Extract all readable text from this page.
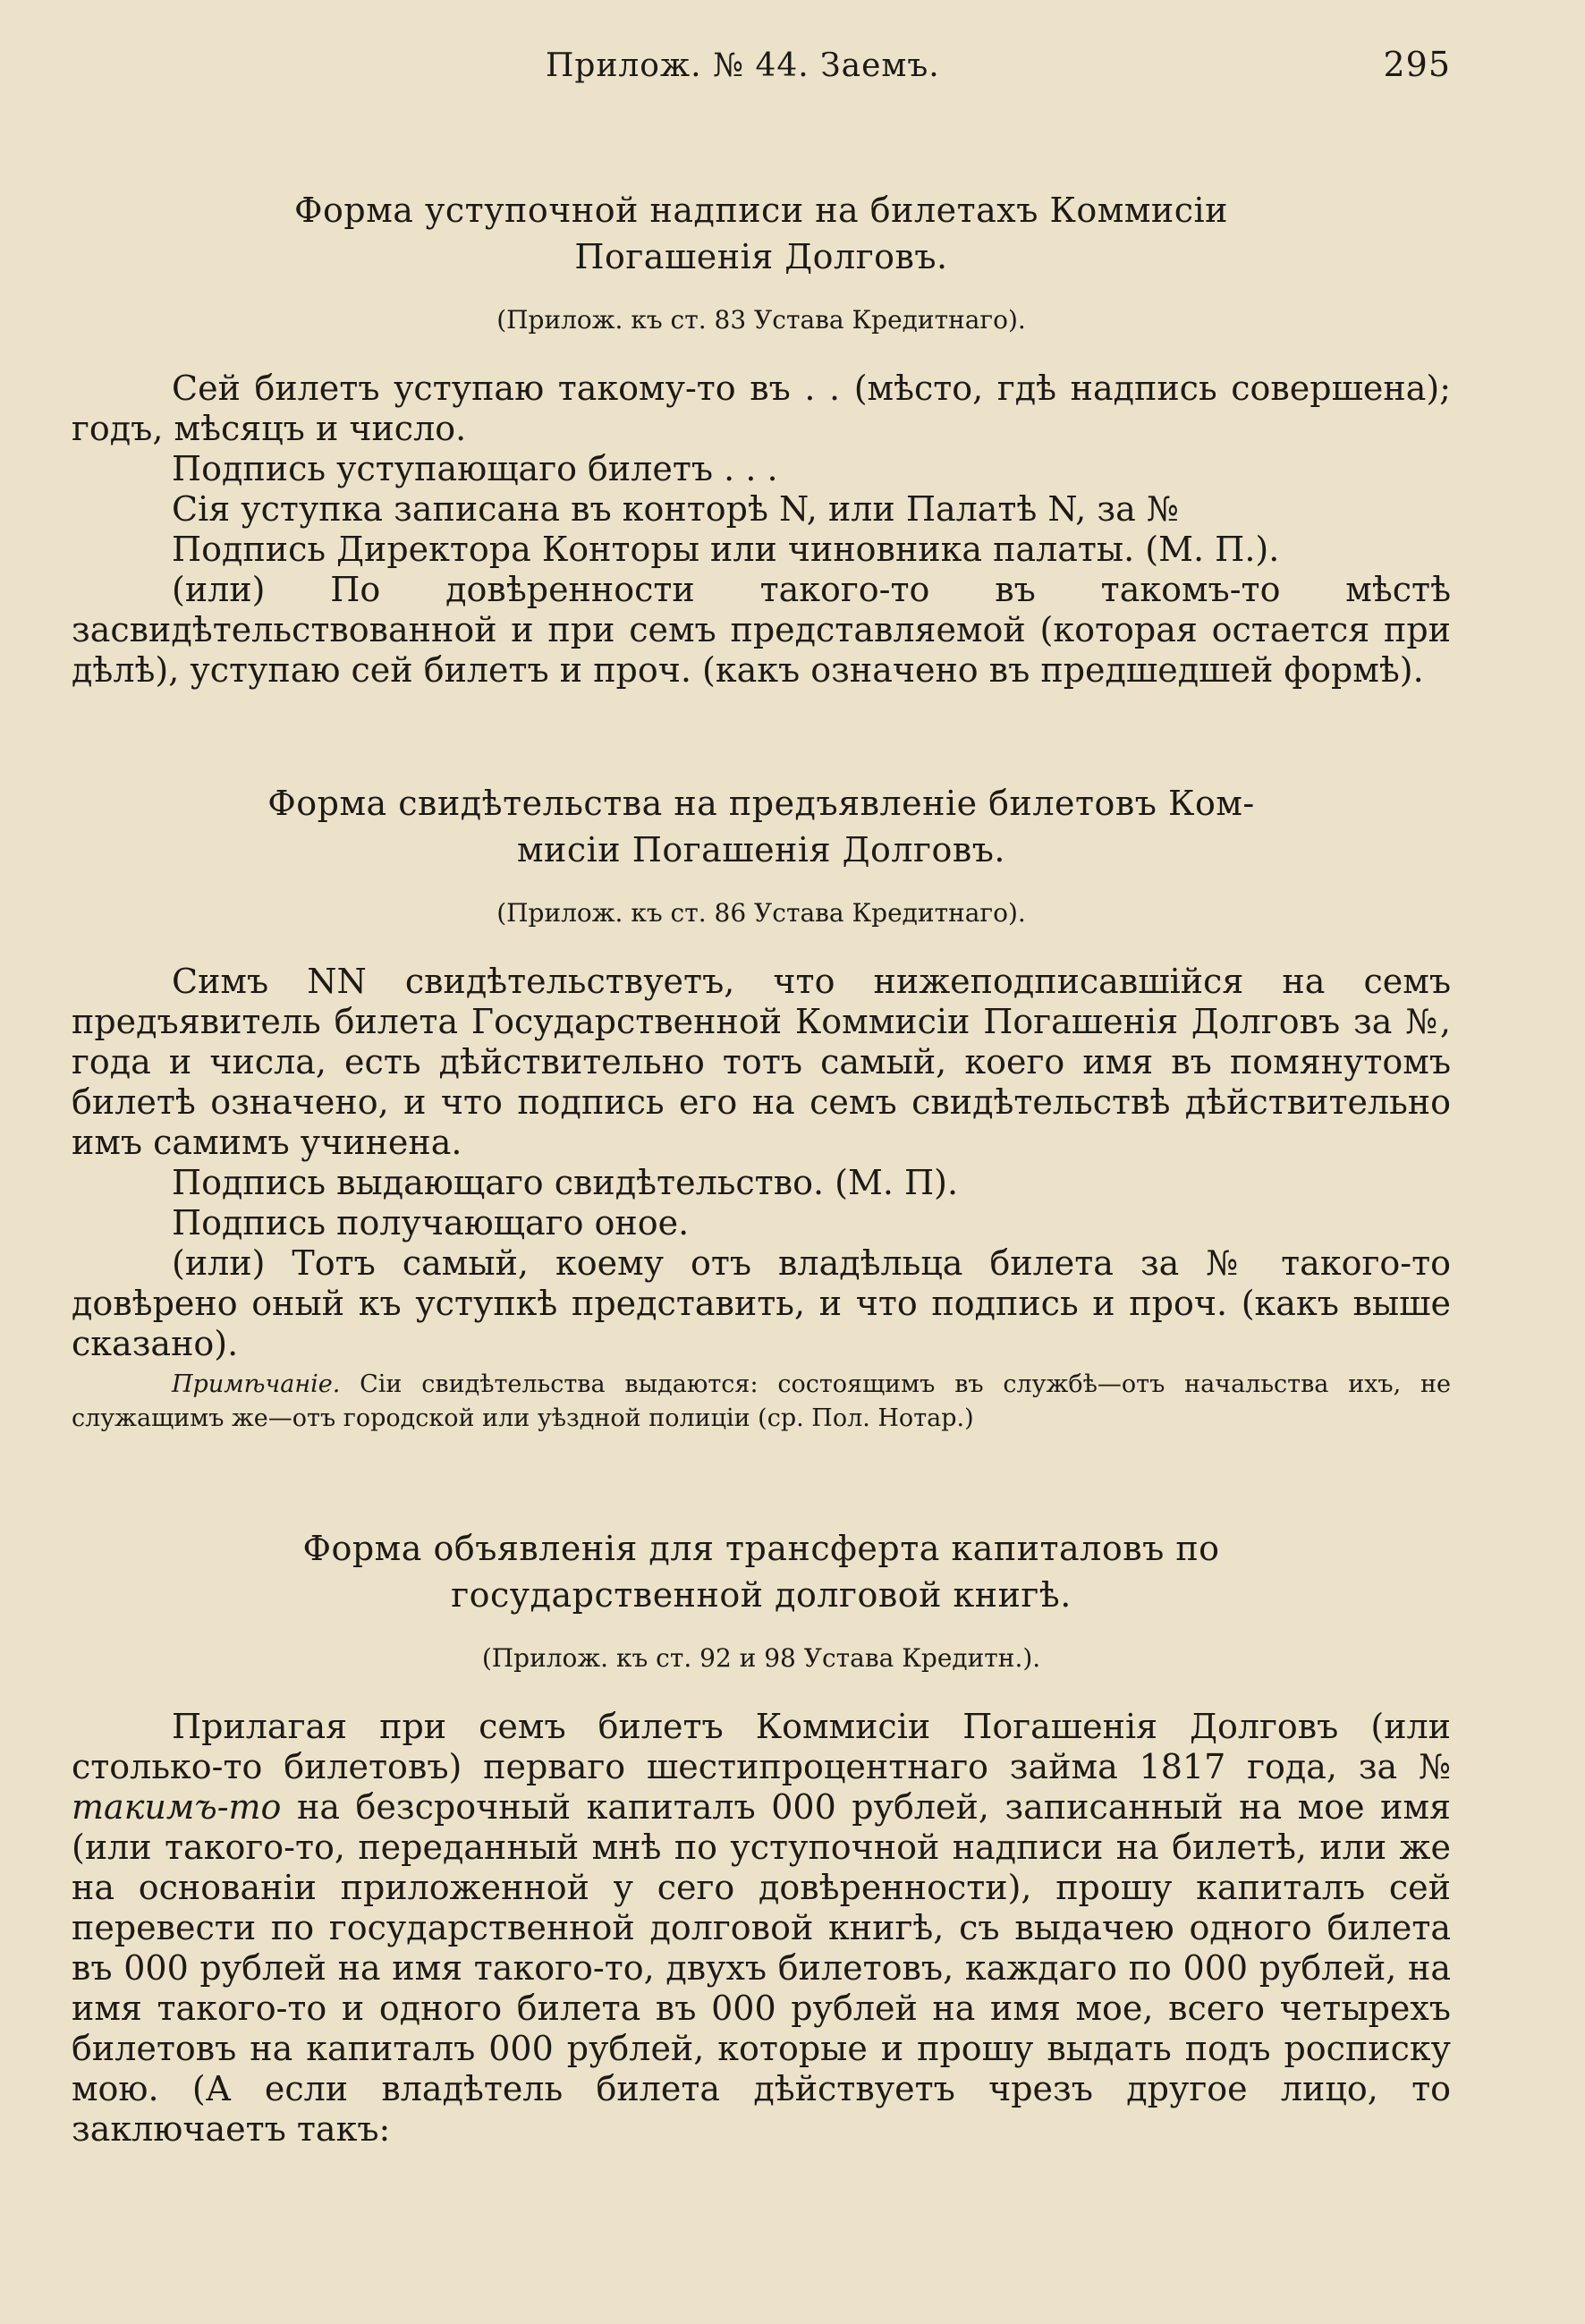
Прилож. № 44. Заемъ.	295
Форма уступочной надписи на билетахъ Коммисіи
Погашенія Долговъ.
(Прилож. къ ст. 83 Устава Кредитнаго).

Сей билетъ уступаю такому-то въ . . (мѣсто, гдѣ надпись совершена); годъ, мѣсяцъ и число.

Подпись уступающаго билетъ . . .

Сія уступка записана въ конторѣ N, или Палатѣ N, за №

Подпись Директора Конторы или чиновника палаты. (М. П.).

(или) По довѣренности такого-то въ такомъ-то мѣстѣ засвидѣтельствованной и при семъ представляемой (которая остается при дѣлѣ), уступаю сей билетъ и проч. (какъ означено въ предшедшей формѣ).

Форма свидѣтельства на предъявленіе билетовъ Ком-
мисіи Погашенія Долговъ.
(Прилож. къ ст. 86 Устава Кредитнаго).

Симъ NN свидѣтельствуетъ, что нижеподписавшійся на семъ предъявитель билета Государственной Коммисіи Погашенія Долговъ за №, года и числа, есть дѣйствительно тотъ самый, коего имя въ помянутомъ билетѣ означено, и что подпись его на семъ свидѣтельствѣ дѣйствительно имъ самимъ учинена.

Подпись выдающаго свидѣтельство. (М. П).

Подпись получающаго оное.

(или) Тотъ самый, коему отъ владѣльца билета за № такого-то довѣрено оный къ уступкѣ представить, и что подпись и проч. (какъ выше сказано).

Примѣчаніе. Сіи свидѣтельства выдаются: состоящимъ въ службѣ—отъ начальства ихъ, не служащимъ же—отъ городской или уѣздной полиціи (ср. Пол. Нотар.)

Форма объявленія для трансферта капиталовъ по
государственной долговой книгѣ.
(Прилож. къ ст. 92 и 98 Устава Кредитн.).

Прилагая при семъ билетъ Коммисіи Погашенія Долговъ (или столько-то билетовъ) перваго шестипроцентнаго займа 1817 года, за № такимъ-то на безсрочный капиталъ 000 рублей, записанный на мое имя (или такого-то, переданный мнѣ по уступочной надписи на билетѣ, или же на основаніи приложенной у сего довѣренности), прошу капиталъ сей перевести по государственной долговой книгѣ, съ выдачею одного билета въ 000 рублей на имя такого-то, двухъ билетовъ, каждаго по 000 рублей, на имя такого-то и одного билета въ 000 рублей на имя мое, всего четырехъ билетовъ на капиталъ 000 рублей, которые и прошу выдать подъ росписку мою. (А если владѣтель билета дѣйствуетъ чрезъ другое лицо, то заключаетъ такъ:
